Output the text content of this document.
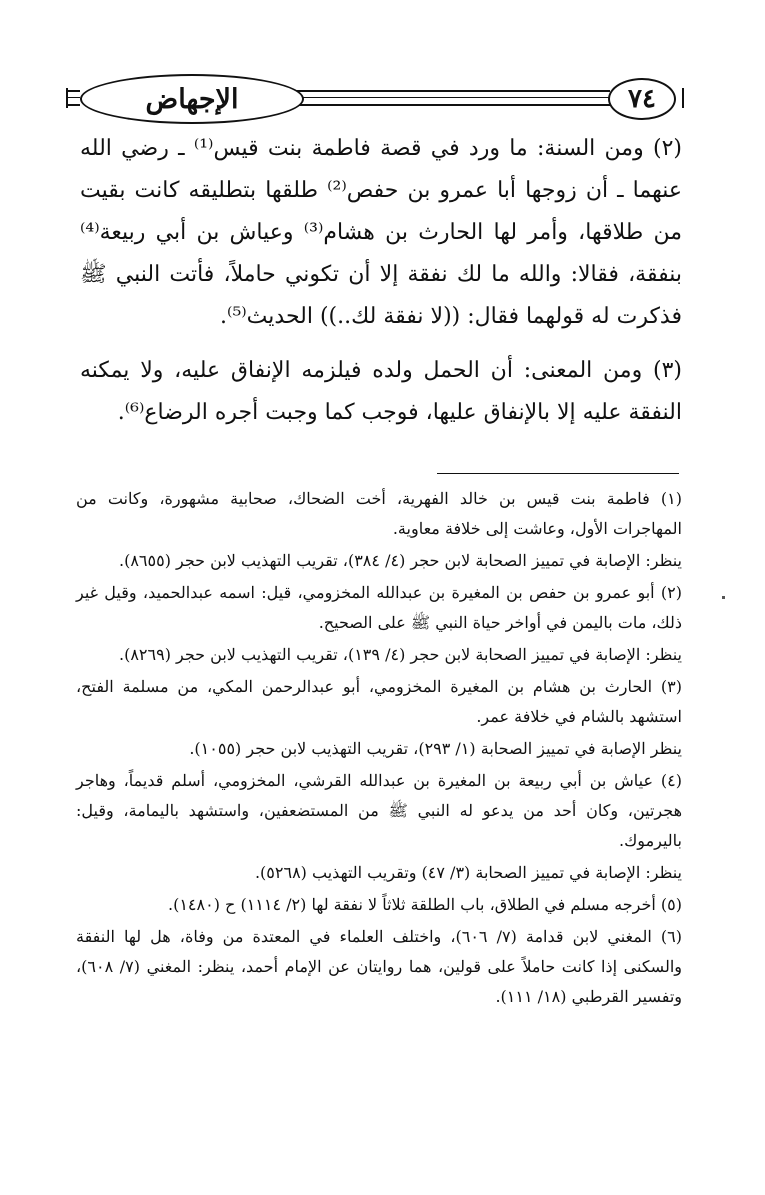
الإجهاض	٧٤

(٢) ومن السنة: ما ورد في قصة فاطمة بنت قيس⁽¹⁾ ـ رضي الله عنهما ـ أن زوجها أبا عمرو بن حفص⁽²⁾ طلقها بتطليقه كانت بقيت من طلاقها، وأمر لها الحارث بن هشام⁽³⁾ وعياش بن أبي ربيعة⁽⁴⁾ بنفقة، فقالا: والله ما لك نفقة إلا أن تكوني حاملاً، فأتت النبي ﷺ فذكرت له قولهما فقال: ((لا نفقة لك..)) الحديث⁽⁵⁾.

(٣) ومن المعنى: أن الحمل ولده فيلزمه الإنفاق عليه، ولا يمكنه النفقة عليه إلا بالإنفاق عليها، فوجب كما وجبت أجره الرضاع⁽⁶⁾.

(١) فاطمة بنت قيس بن خالد الفهرية، أخت الضحاك، صحابية مشهورة، وكانت من المهاجرات الأول، وعاشت إلى خلافة معاوية.

ينظر: الإصابة في تمييز الصحابة لابن حجر (٤/ ٣٨٤)، تقريب التهذيب لابن حجر (٨٦٥٥).

(٢) أبو عمرو بن حفص بن المغيرة بن عبدالله المخزومي، قيل: اسمه عبدالحميد، وقيل غير ذلك، مات باليمن في أواخر حياة النبي ﷺ على الصحيح.

ينظر: الإصابة في تمييز الصحابة لابن حجر (٤/ ١٣٩)، تقريب التهذيب لابن حجر (٨٢٦٩).

(٣) الحارث بن هشام بن المغيرة المخزومي، أبو عبدالرحمن المكي، من مسلمة الفتح، استشهد بالشام في خلافة عمر.

ينظر الإصابة في تمييز الصحابة (١/ ٢٩٣)، تقريب التهذيب لابن حجر (١٠٥٥).

(٤) عياش بن أبي ربيعة بن المغيرة بن عبدالله القرشي، المخزومي، أسلم قديماً، وهاجر هجرتين، وكان أحد من يدعو له النبي ﷺ من المستضعفين، واستشهد باليمامة، وقيل: باليرموك.

ينظر: الإصابة في تمييز الصحابة (٣/ ٤٧) وتقريب التهذيب (٥٢٦٨).

(٥) أخرجه مسلم في الطلاق، باب الطلقة ثلاثاً لا نفقة لها (٢/ ١١١٤) ح (١٤٨٠).

(٦) المغني لابن قدامة (٧/ ٦٠٦)، واختلف العلماء في المعتدة من وفاة، هل لها النفقة والسكنى إذا كانت حاملاً على قولين، هما روايتان عن الإمام أحمد، ينظر: المغني (٧/ ٦٠٨)، وتفسير القرطبي (١٨/ ١١١).
